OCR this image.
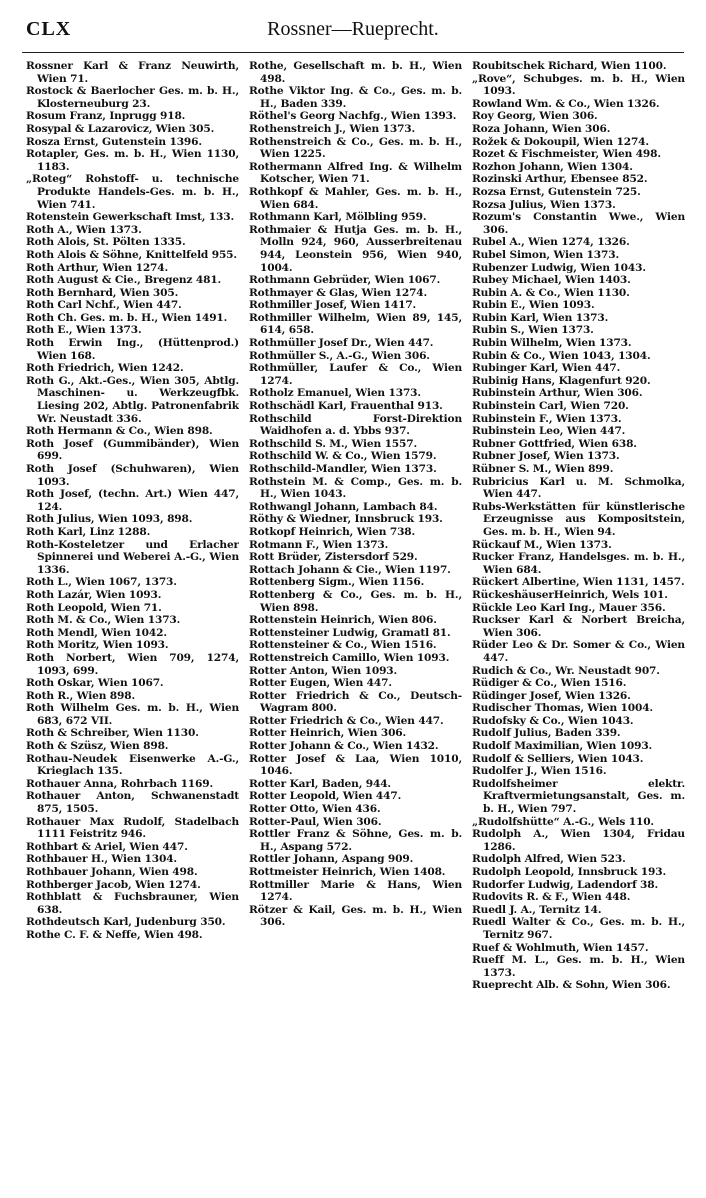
CLX	Rossner—Rueprecht.

Rossner Karl & Franz Neuwirth, Wien 71.

Rostock & Baerlocher Ges. m. b. H., Klosterneuburg 23.

Rosum Franz, Inprugg 918.

Rosypal & Lazarovicz, Wien 305.

Rosza Ernst, Gutenstein 1396.

Rotapler, Ges. m. b. H., Wien 1130, 1183.

„Roteg“ Rohstoff- u. technische Produkte Handels-Ges. m. b. H., Wien 741.

Rotenstein Gewerkschaft Imst, 133.

Roth A., Wien 1373.

Roth Alois, St. Pölten 1335.

Roth Alois & Söhne, Knittelfeld 955.

Roth Arthur, Wien 1274.

Roth August & Cie., Bregenz 481.

Roth Bernhard, Wien 305.

Roth Carl Nchf., Wien 447.

Roth Ch. Ges. m. b. H., Wien 1491.

Roth E., Wien 1373.

Roth Erwin Ing., (Hüttenprod.) Wien 168.

Roth Friedrich, Wien 1242.

Roth G., Akt.-Ges., Wien 305, Abtlg. Maschinen- u. Werkzeugfbk. Liesing 202, Abtlg. Patronenfabrik Wr. Neustadt 336.

Roth Hermann & Co., Wien 898.

Roth Josef (Gummibänder), Wien 699.

Roth Josef (Schuhwaren), Wien 1093.

Roth Josef, (techn. Art.) Wien 447, 124.

Roth Julius, Wien 1093, 898.

Roth Karl, Linz 1288.

Roth-Kosteletzer und Erlacher Spinnerei und Weberei A.-G., Wien 1336.

Roth L., Wien 1067, 1373.

Roth Lazár, Wien 1093.

Roth Leopold, Wien 71.

Roth M. & Co., Wien 1373.

Roth Mendl, Wien 1042.

Roth Moritz, Wien 1093.

Roth Norbert, Wien 709, 1274, 1093, 699.

Roth Oskar, Wien 1067.

Roth R., Wien 898.

Roth Wilhelm Ges. m. b. H., Wien 683, 672 VII.

Roth & Schreiber, Wien 1130.

Roth & Szüsz, Wien 898.

Rothau-Neudek Eisenwerke A.-G., Krieglach 135.

Rothauer Anna, Rohrbach 1169.

Rothauer Anton, Schwanenstadt 875, 1505.

Rothauer Max Rudolf, Stadelbach 1111 Feistritz 946.

Rothbart & Ariel, Wien 447.

Rothbauer H., Wien 1304.

Rothbauer Johann, Wien 498.

Rothberger Jacob, Wien 1274.

Rothblatt & Fuchsbrauner, Wien 638.

Rothdeutsch Karl, Judenburg 350.

Rothe C. F. & Neffe, Wien 498.

Rothe, Gesellschaft m. b. H., Wien 498.

Rothe Viktor Ing. & Co., Ges. m. b. H., Baden 339.

Röthel's Georg Nachfg., Wien 1393.

Rothenstreich J., Wien 1373.

Rothenstreich & Co., Ges. m. b. H., Wien 1225.

Rothermann Alfred Ing. & Wilhelm Kotscher, Wien 71.

Rothkopf & Mahler, Ges. m. b. H., Wien 684.

Rothmann Karl, Mölbling 959.

Rothmaier & Hutja Ges. m. b. H., Molln 924, 960, Ausserbreitenau 944, Leonstein 956, Wien 940, 1004.

Rothmann Gebrüder, Wien 1067.

Rothmayer & Glas, Wien 1274.

Rothmiller Josef, Wien 1417.

Rothmiller Wilhelm, Wien 89, 145, 614, 658.

Rothmüller Josef Dr., Wien 447.

Rothmüller S., A.-G., Wien 306.

Rothmüller, Laufer & Co., Wien 1274.

Rotholz Emanuel, Wien 1373.

Rothschädl Karl, Frauenthal 913.

Rothschild Forst-Direktion Waidhofen a. d. Ybbs 937.

Rothschild S. M., Wien 1557.

Rothschild W. & Co., Wien 1579.

Rothschild-Mandler, Wien 1373.

Rothstein M. & Comp., Ges. m. b. H., Wien 1043.

Rothwangl Johann, Lambach 84.

Röthy & Wiedner, Innsbruck 193.

Rotkopf Heinrich, Wien 738.

Rotmann F., Wien 1373.

Rott Brüder, Zistersdorf 529.

Rottach Johann & Cie., Wien 1197.

Rottenberg Sigm., Wien 1156.

Rottenberg & Co., Ges. m. b. H., Wien 898.

Rottenstein Heinrich, Wien 806.

Rottensteiner Ludwig, Gramatl 81.

Rottensteiner & Co., Wien 1516.

Rottenstreich Camillo, Wien 1093.

Rotter Anton, Wien 1093.

Rotter Eugen, Wien 447.

Rotter Friedrich & Co., Deutsch-Wagram 800.

Rotter Friedrich & Co., Wien 447.

Rotter Heinrich, Wien 306.

Rotter Johann & Co., Wien 1432.

Rotter Josef & Laa, Wien 1010, 1046.

Rotter Karl, Baden, 944.

Rotter Leopold, Wien 447.

Rotter Otto, Wien 436.

Rotter-Paul, Wien 306.

Rottler Franz & Söhne, Ges. m. b. H., Aspang 572.

Rottler Johann, Aspang 909.

Rottmeister Heinrich, Wien 1408.

Rottmiller Marie & Hans, Wien 1274.

Rötzer & Kail, Ges. m. b. H., Wien 306.

Roubitschek Richard, Wien 1100.

„Rove“, Schubges. m. b. H., Wien 1093.

Rowland Wm. & Co., Wien 1326.

Roy Georg, Wien 306.

Roza Johann, Wien 306.

Rožek & Dokoupil, Wien 1274.

Rozet & Fischmeister, Wien 498.

Rozhon Johann, Wien 1304.

Rozinski Arthur, Ebensee 852.

Rozsa Ernst, Gutenstein 725.

Rozsa Julius, Wien 1373.

Rozum's Constantin Wwe., Wien 306.

Rubel A., Wien 1274, 1326.

Rubel Simon, Wien 1373.

Rubenzer Ludwig, Wien 1043.

Rubey Michael, Wien 1403.

Rubin A. & Co., Wien 1130.

Rubin E., Wien 1093.

Rubin Karl, Wien 1373.

Rubin S., Wien 1373.

Rubin Wilhelm, Wien 1373.

Rubin & Co., Wien 1043, 1304.

Rubinger Karl, Wien 447.

Rubinig Hans, Klagenfurt 920.

Rubinstein Arthur, Wien 306.

Rubinstein Carl, Wien 720.

Rubinstein F., Wien 1373.

Rubinstein Leo, Wien 447.

Rubner Gottfried, Wien 638.

Rubner Josef, Wien 1373.

Rübner S. M., Wien 899.

Rubricius Karl u. M. Schmolka, Wien 447.

Rubs-Werkstätten für künstlerische Erzeugnisse aus Kompositstein, Ges. m. b. H., Wien 94.

Rückauf M., Wien 1373.

Rucker Franz, Handelsges. m. b. H., Wien 684.

Rückert Albertine, Wien 1131, 1457.

RückeshäuserHeinrich, Wels 101.

Rückle Leo Karl Ing., Mauer 356.

Ruckser Karl & Norbert Breicha, Wien 306.

Rüder Leo & Dr. Somer & Co., Wien 447.

Rudich & Co., Wr. Neustadt 907.

Rüdiger & Co., Wien 1516.

Rüdinger Josef, Wien 1326.

Rudischer Thomas, Wien 1004.

Rudofsky & Co., Wien 1043.

Rudolf Julius, Baden 339.

Rudolf Maximilian, Wien 1093.

Rudolf & Selliers, Wien 1043.

Rudolfer J., Wien 1516.

Rudolfsheimer elektr. Kraftvermietungsanstalt, Ges. m. b. H., Wien 797.

„Rudolfshütte“ A.-G., Wels 110.

Rudolph A., Wien 1304, Fridau 1286.

Rudolph Alfred, Wien 523.

Rudolph Leopold, Innsbruck 193.

Rudorfer Ludwig, Ladendorf 38.

Rudovits R. & F., Wien 448.

Ruedl J. A., Ternitz 14.

Ruedl Walter & Co., Ges. m. b. H., Ternitz 967.

Ruef & Wohlmuth, Wien 1457.

Rueff M. L., Ges. m. b. H., Wien 1373.

Rueprecht Alb. & Sohn, Wien 306.
